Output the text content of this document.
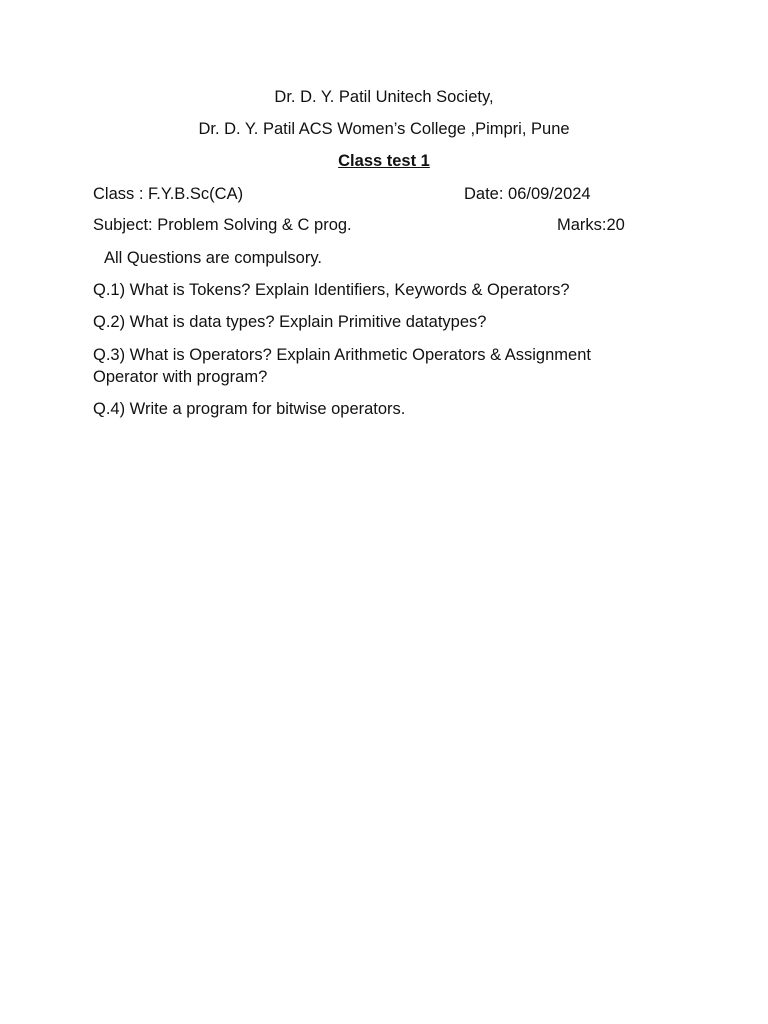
Dr. D. Y. Patil Unitech Society,
Dr. D. Y. Patil ACS Women’s College ,Pimpri, Pune
Class test 1
Class : F.Y.B.Sc(CA)	Date: 06/09/2024
Subject: Problem Solving & C prog.	Marks:20
All Questions are compulsory.
Q.1) What is Tokens? Explain Identifiers, Keywords & Operators?
Q.2) What is data types? Explain Primitive datatypes?
Q.3) What is Operators? Explain Arithmetic Operators & Assignment Operator with program?
Q.4) Write a program for bitwise operators.
